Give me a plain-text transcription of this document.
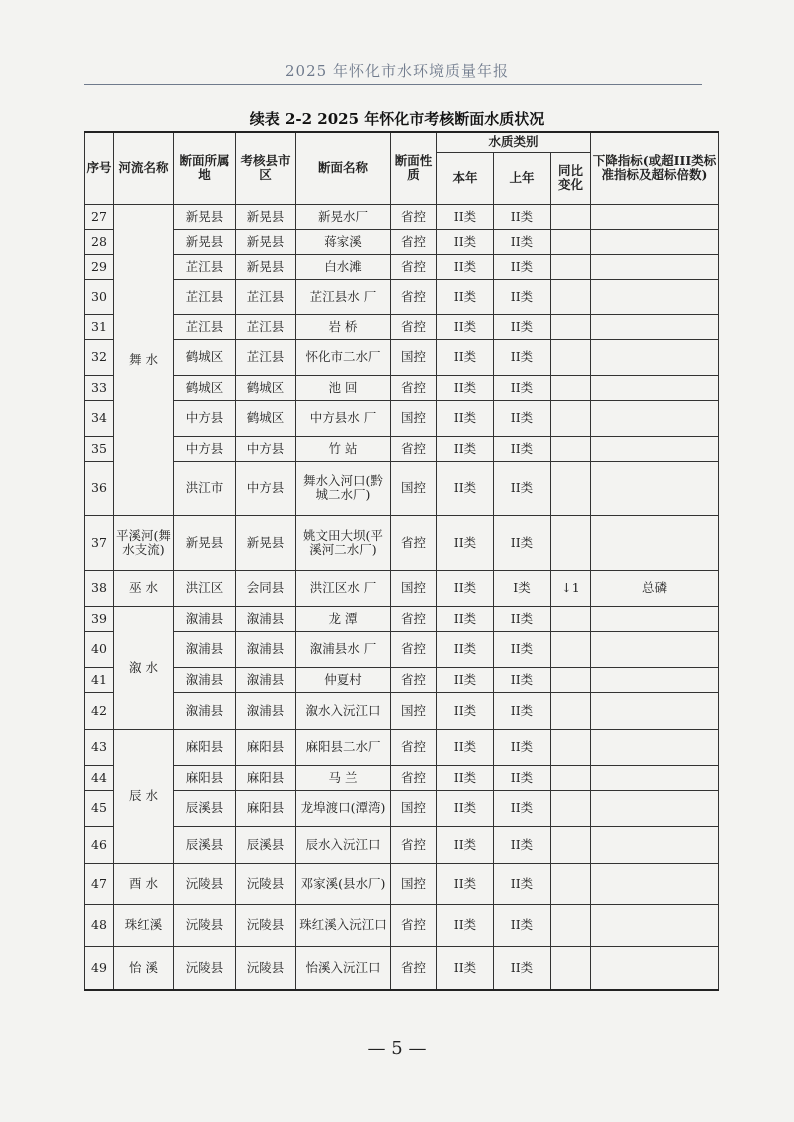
2025 年怀化市水环境质量年报
续表 2-2 2025 年怀化市考核断面水质状况
序号	河流名称	断面所属地	考核县市区	断面名称	断面性质	水质类别			下降指标(或超III类标准指标及超标倍数)
						本年	上年	同比变化	
27	舞 水	新晃县	新晃县	新晃水厂	省控	II类	II类		
28		新晃县	新晃县	蒋家溪	省控	II类	II类		
29		芷江县	新晃县	白水滩	省控	II类	II类		
30		芷江县	芷江县	芷江县水 厂	省控	II类	II类		
31		芷江县	芷江县	岩 桥	省控	II类	II类		
32		鹤城区	芷江县	怀化市二水厂	国控	II类	II类		
33		鹤城区	鹤城区	池 回	省控	II类	II类		
34		中方县	鹤城区	中方县水 厂	国控	II类	II类		
35		中方县	中方县	竹 站	省控	II类	II类		
36		洪江市	中方县	舞水入河口(黔城二水厂)	国控	II类	II类		
37	平溪河(舞水支流)	新晃县	新晃县	姚文田大坝(平溪河二水厂)	省控	II类	II类		
38	巫 水	洪江区	会同县	洪江区水 厂	国控	II类	I类	↓1	总磷
39	溆 水	溆浦县	溆浦县	龙 潭	省控	II类	II类		
40		溆浦县	溆浦县	溆浦县水 厂	省控	II类	II类		
41		溆浦县	溆浦县	仲夏村	省控	II类	II类		
42		溆浦县	溆浦县	溆水入沅江口	国控	II类	II类		
43	辰 水	麻阳县	麻阳县	麻阳县二水厂	省控	II类	II类		
44		麻阳县	麻阳县	马 兰	省控	II类	II类		
45		辰溪县	麻阳县	龙埠渡口(潭湾)	国控	II类	II类		
46		辰溪县	辰溪县	辰水入沅江口	省控	II类	II类		
47	酉 水	沅陵县	沅陵县	邓家溪(县水厂)	国控	II类	II类		
48	珠红溪	沅陵县	沅陵县	珠红溪入沅江口	省控	II类	II类		
49	怡 溪	沅陵县	沅陵县	怡溪入沅江口	省控	II类	II类		
— 5 —
